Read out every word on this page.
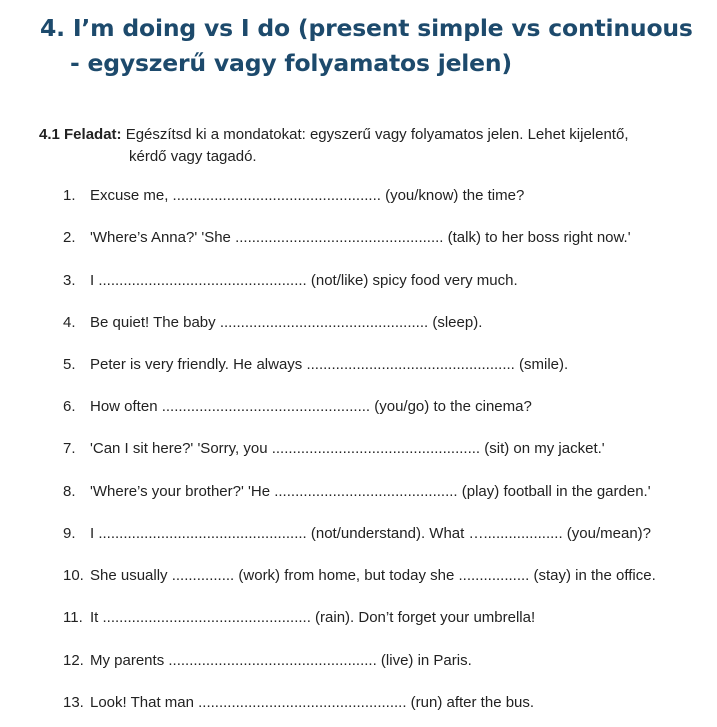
4. I’m doing vs I do (present simple vs continuous
- egyszerű vagy folyamatos jelen)
4.1 Feladat: Egészítsd ki a mondatokat: egyszerű vagy folyamatos jelen. Lehet kijelentő,
kérdő vagy tagadó.
1. Excuse me, .................................................. (you/know) the time?
2. 'Where’s Anna?' 'She .................................................. (talk) to her boss right now.'
3. I .................................................. (not/like) spicy food very much.
4. Be quiet! The baby .................................................. (sleep).
5. Peter is very friendly. He always .................................................. (smile).
6. How often .................................................. (you/go) to the cinema?
7. 'Can I sit here?' 'Sorry, you .................................................. (sit) on my jacket.'
8. 'Where’s your brother?' 'He ............................................ (play) football in the garden.'
9. I .................................................. (not/understand). What …................... (you/mean)?
10. She usually ............... (work) from home, but today she ................. (stay) in the office.
11. It .................................................. (rain). Don’t forget your umbrella!
12. My parents .................................................. (live) in Paris.
13. Look! That man .................................................. (run) after the bus.
